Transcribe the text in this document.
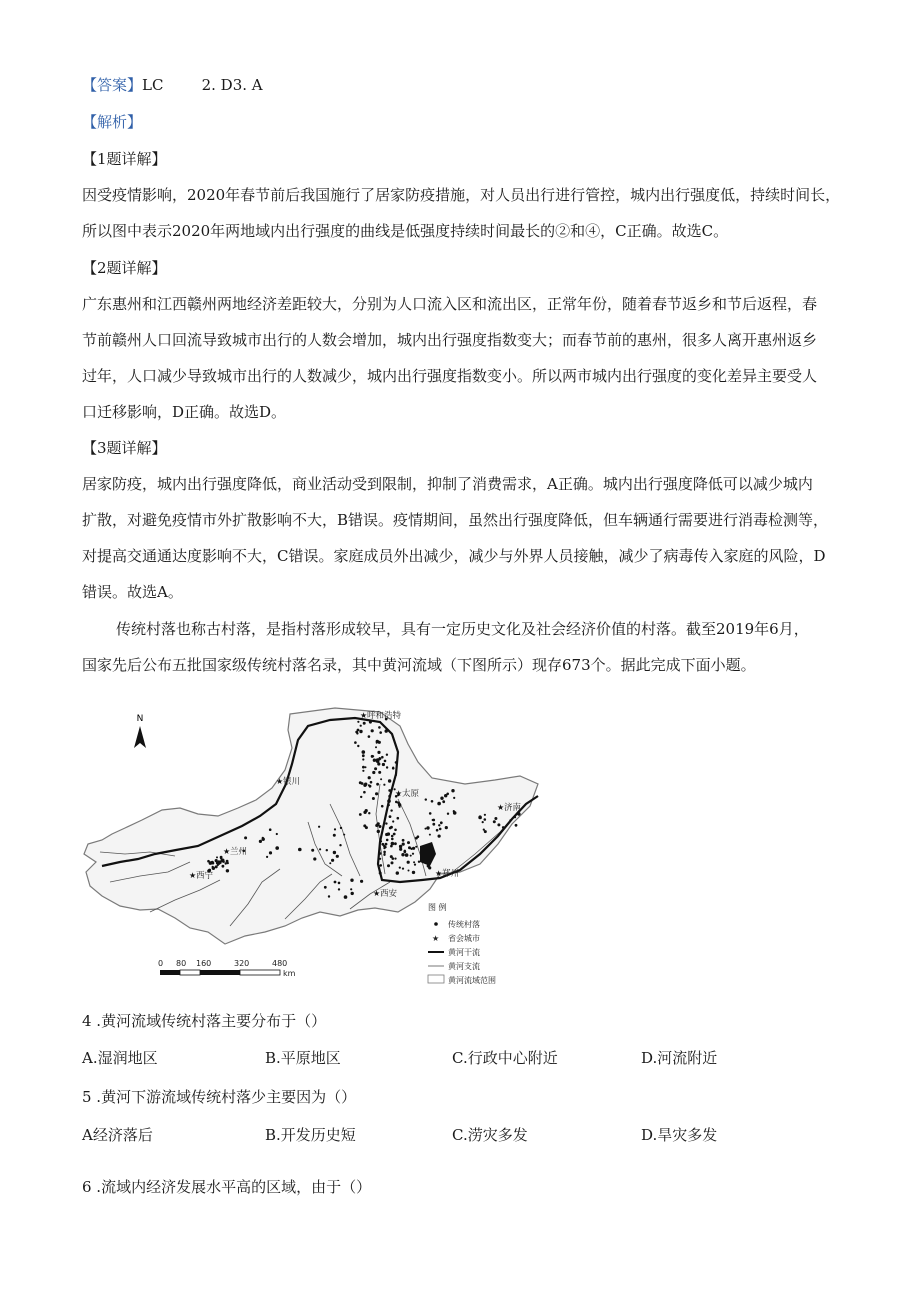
【答案】LC        2. D3. A
【解析】
【1题详解】
因受疫情影响，2020年春节前后我国施行了居家防疫措施，对人员出行进行管控，城内出行强度低，持续时间长，
所以图中表示2020年两地域内出行强度的曲线是低强度持续时间最长的②和④，C正确。故选C。
【2题详解】
广东惠州和江西赣州两地经济差距较大，分别为人口流入区和流出区，正常年份，随着春节返乡和节后返程，春
节前赣州人口回流导致城市出行的人数会增加，城内出行强度指数变大；而春节前的惠州，很多人离开惠州返乡
过年，人口减少导致城市出行的人数减少，城内出行强度指数变小。所以两市城内出行强度的变化差异主要受人
口迁移影响，D正确。故选D。
【3题详解】
居家防疫，城内出行强度降低，商业活动受到限制，抑制了消费需求，A正确。城内出行强度降低可以减少城内
扩散，对避免疫情市外扩散影响不大，B错误。疫情期间，虽然出行强度降低，但车辆通行需要进行消毒检测等，
对提高交通通达度影响不大，C错误。家庭成员外出减少，减少与外界人员接触，减少了病毒传入家庭的风险，D
错误。故选A。
传统村落也称古村落，是指村落形成较早，具有一定历史文化及社会经济价值的村落。截至2019年6月，
国家先后公布五批国家级传统村落名录，其中黄河流域（下图所示）现存673个。据此完成下面小题。
N	呼和浩特
银川
太原
济南
兰州
西宁	郑州
西安
★
★
★
★
★
★	★
★
图 例
传统村落
★ 省会城市
黄河干流
黄河支流
黄河流域范围
0 80 160	320	480
km
4 .黄河流域传统村落主要分布于（）
A.湿润地区	B.平原地区	C.行政中心附近	D.河流附近
5 .黄河下游流域传统村落少主要因为（）
A经济落后	B.开发历史短	C.涝灾多发	D.旱灾多发
6 .流域内经济发展水平高的区域，由于（）
